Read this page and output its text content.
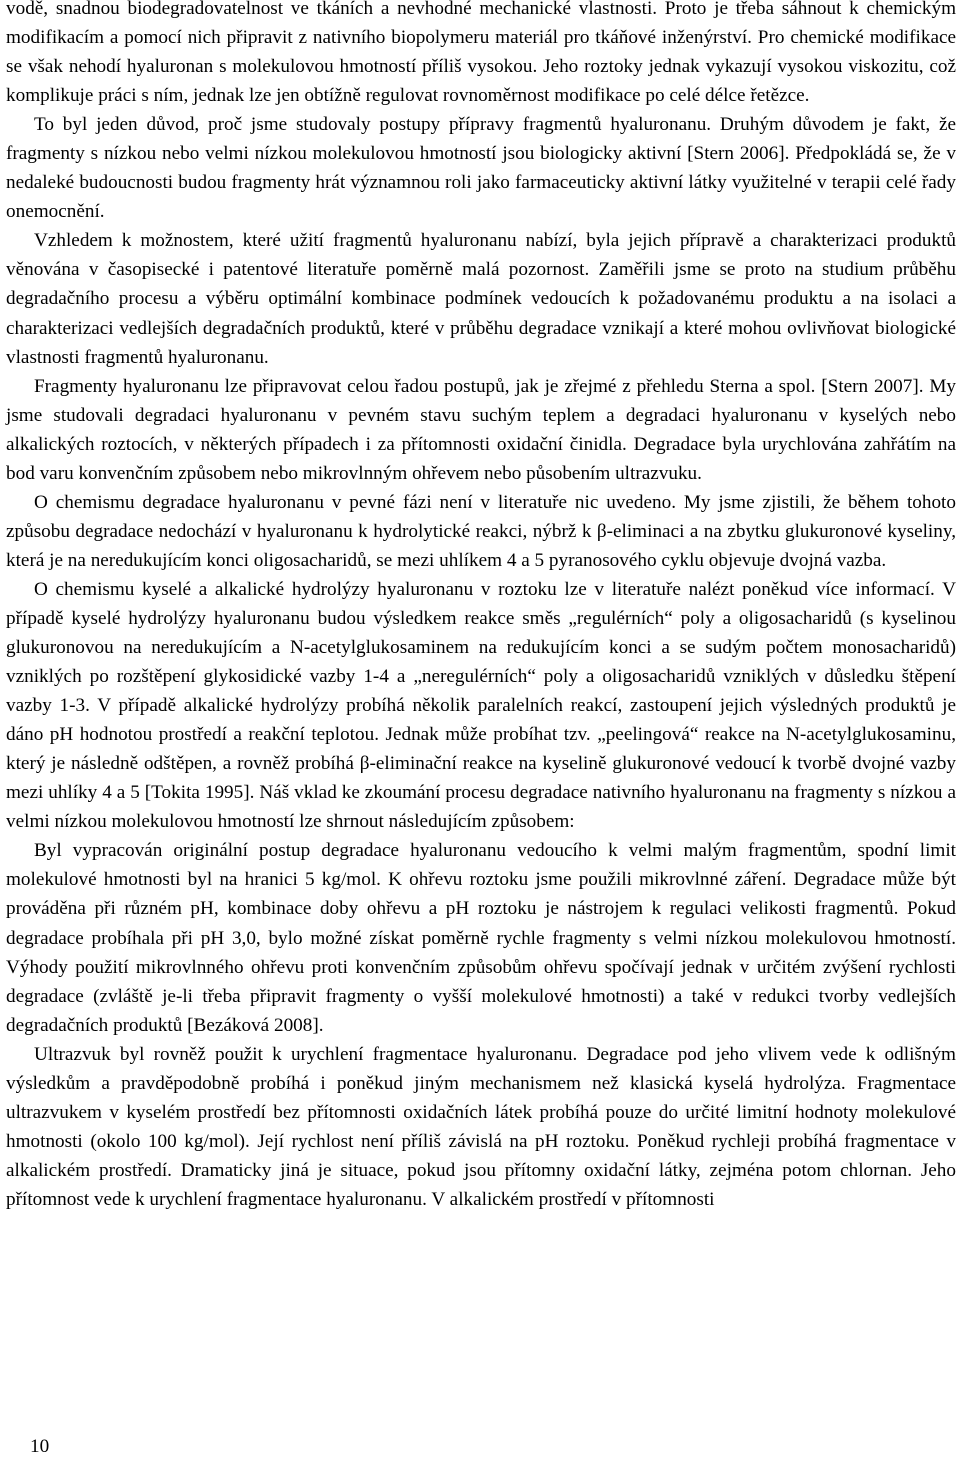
vodě, snadnou biodegradovatelnost ve tkáních a nevhodné mechanické vlastnosti. Proto je třeba sáhnout k chemickým modifikacím a pomocí nich připravit z nativního biopolymeru materiál pro tkáňové inženýrství. Pro chemické modifikace se však nehodí hyaluronan s molekulovou hmotností příliš vysokou. Jeho roztoky jednak vykazují vysokou viskozitu, což komplikuje práci s ním, jednak lze jen obtížně regulovat rovnoměrnost modifikace po celé délce řetězce.

To byl jeden důvod, proč jsme studovaly postupy přípravy fragmentů hyaluronanu. Druhým důvodem je fakt, že fragmenty s nízkou nebo velmi nízkou molekulovou hmotností jsou biologicky aktivní [Stern 2006]. Předpokládá se, že v nedaleké budoucnosti budou fragmenty hrát významnou roli jako farmaceuticky aktivní látky využitelné v terapii celé řady onemocnění.

Vzhledem k možnostem, které užití fragmentů hyaluronanu nabízí, byla jejich přípravě a charakterizaci produktů věnována v časopisecké i patentové literatuře poměrně malá pozornost. Zaměřili jsme se proto na studium průběhu degradačního procesu a výběru optimální kombinace podmínek vedoucích k požadovanému produktu a na isolaci a charakterizaci vedlejších degradačních produktů, které v průběhu degradace vznikají a které mohou ovlivňovat biologické vlastnosti fragmentů hyaluronanu.

Fragmenty hyaluronanu lze připravovat celou řadou postupů, jak je zřejmé z přehledu Sterna a spol. [Stern 2007]. My jsme studovali degradaci hyaluronanu v pevném stavu suchým teplem a degradaci hyaluronanu v kyselých nebo alkalických roztocích, v některých případech i za přítomnosti oxidační činidla. Degradace byla urychlována zahřátím na bod varu konvenčním způsobem nebo mikrovlnným ohřevem nebo působením ultrazvuku.

O chemismu degradace hyaluronanu v pevné fázi není v literatuře nic uvedeno. My jsme zjistili, že během tohoto způsobu degradace nedochází v hyaluronanu k hydrolytické reakci, nýbrž k β-eliminaci a na zbytku glukuronové kyseliny, která je na neredukujícím konci oligosacharidů, se mezi uhlíkem 4 a 5 pyranosového cyklu objevuje dvojná vazba.

O chemismu kyselé a alkalické hydrolýzy hyaluronanu v roztoku lze v literatuře nalézt poněkud více informací. V případě kyselé hydrolýzy hyaluronanu budou výsledkem reakce směs „regulérních“ poly a oligosacharidů (s kyselinou glukuronovou na neredukujícím a N-acetylglukosaminem na redukujícím konci a se sudým počtem monosacharidů) vzniklých po rozštěpení glykosidické vazby 1-4 a „neregulérních“ poly a oligosacharidů vzniklých v důsledku štěpení vazby 1-3. V případě alkalické hydrolýzy probíhá několik paralelních reakcí, zastoupení jejich výsledných produktů je dáno pH hodnotou prostředí a reakční teplotou. Jednak může probíhat tzv. „peelingová“ reakce na N-acetylglukosaminu, který je následně odštěpen, a rovněž probíhá β-eliminační reakce na kyselině glukuronové vedoucí k tvorbě dvojné vazby mezi uhlíky 4 a 5 [Tokita 1995]. Náš vklad ke zkoumání procesu degradace nativního hyaluronanu na fragmenty s nízkou a velmi nízkou molekulovou hmotností lze shrnout následujícím způsobem:

Byl vypracován originální postup degradace hyaluronanu vedoucího k velmi malým fragmentům, spodní limit molekulové hmotnosti byl na hranici 5 kg/mol. K ohřevu roztoku jsme použili mikrovlnné záření. Degradace může být prováděna při různém pH, kombinace doby ohřevu a pH roztoku je nástrojem k regulaci velikosti fragmentů. Pokud degradace probíhala při pH 3,0, bylo možné získat poměrně rychle fragmenty s velmi nízkou molekulovou hmotností. Výhody použití mikrovlnného ohřevu proti konvenčním způsobům ohřevu spočívají jednak v určitém zvýšení rychlosti degradace (zvláště je-li třeba připravit fragmenty o vyšší molekulové hmotnosti) a také v redukci tvorby vedlejších degradačních produktů [Bezáková 2008].

Ultrazvuk byl rovněž použit k urychlení fragmentace hyaluronanu. Degradace pod jeho vlivem vede k odlišným výsledkům a pravděpodobně probíhá i poněkud jiným mechanismem než klasická kyselá hydrolýza. Fragmentace ultrazvukem v kyselém prostředí bez přítomnosti oxidačních látek probíhá pouze do určité limitní hodnoty molekulové hmotnosti (okolo 100 kg/mol). Její rychlost není příliš závislá na pH roztoku. Poněkud rychleji probíhá fragmentace v alkalickém prostředí. Dramaticky jiná je situace, pokud jsou přítomny oxidační látky, zejména potom chlornan. Jeho přítomnost vede k urychlení fragmentace hyaluronanu. V alkalickém prostředí v přítomnosti

10
